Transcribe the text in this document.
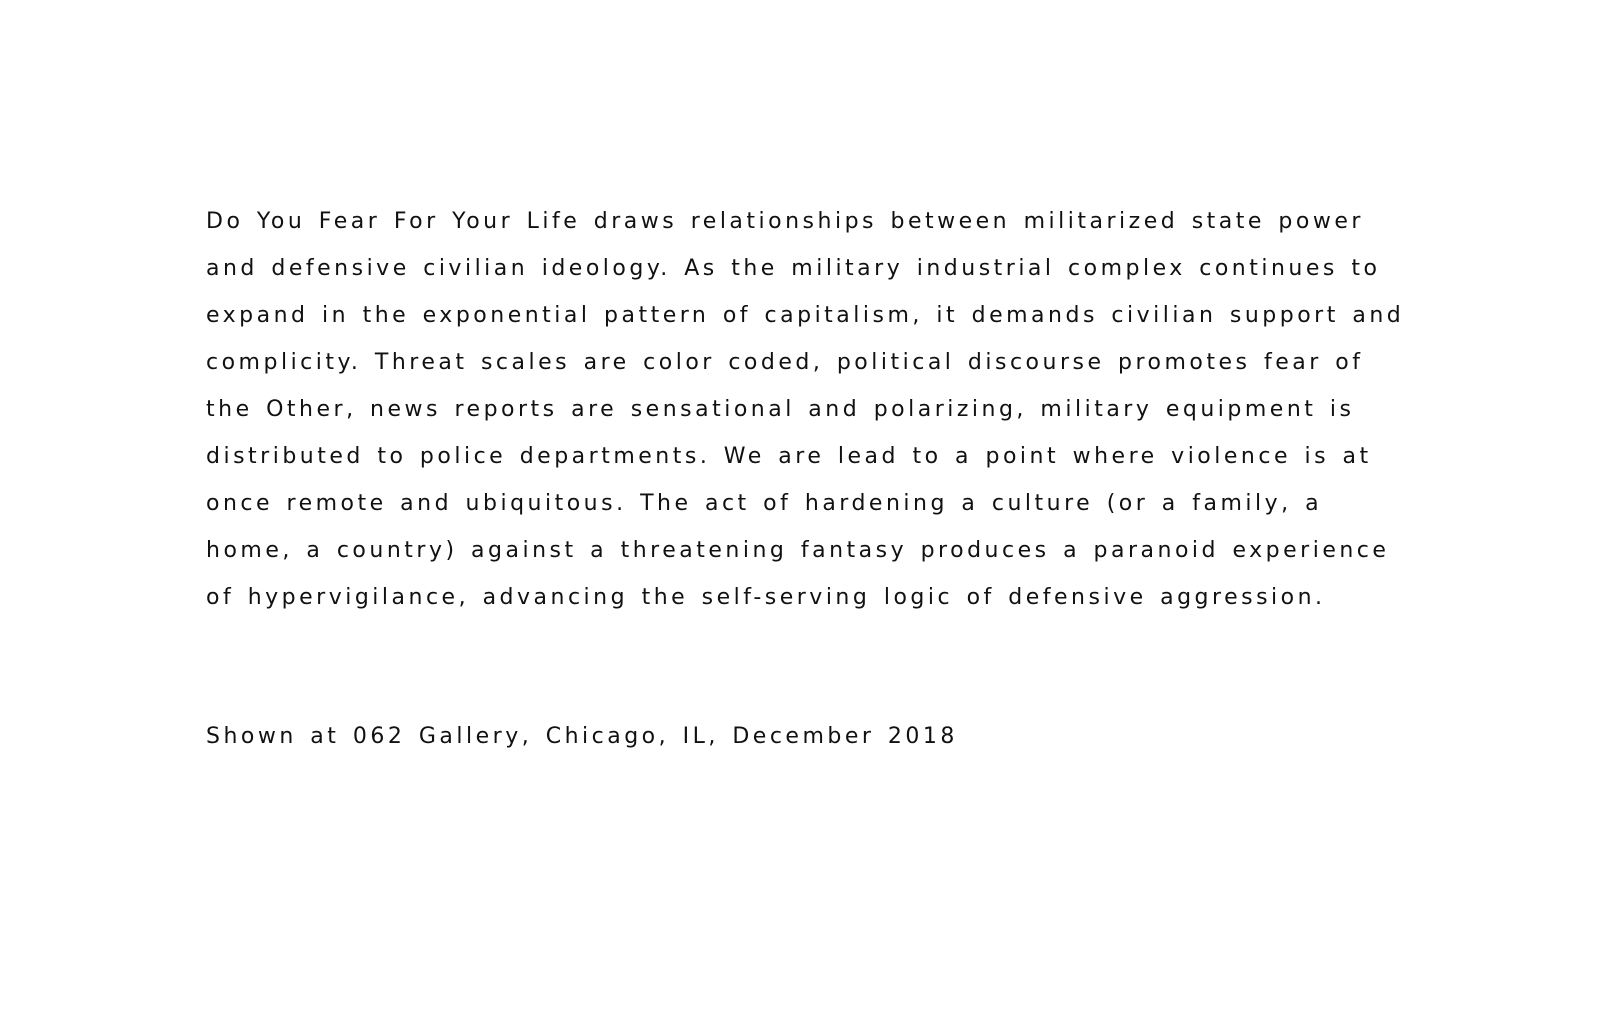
Do You Fear For Your Life draws relationships between militarized state power
and defensive civilian ideology. As the military industrial complex continues to
expand in the exponential pattern of capitalism, it demands civilian support and
complicity. Threat scales are color coded, political discourse promotes fear of
the Other, news reports are sensational and polarizing, military equipment is
distributed to police departments. We are lead to a point where violence is at
once remote and ubiquitous. The act of hardening a culture (or a family, a
home, a country) against a threatening fantasy produces a paranoid experience
of hypervigilance, advancing the self-serving logic of defensive aggression.

Shown at 062 Gallery, Chicago, IL, December 2018
